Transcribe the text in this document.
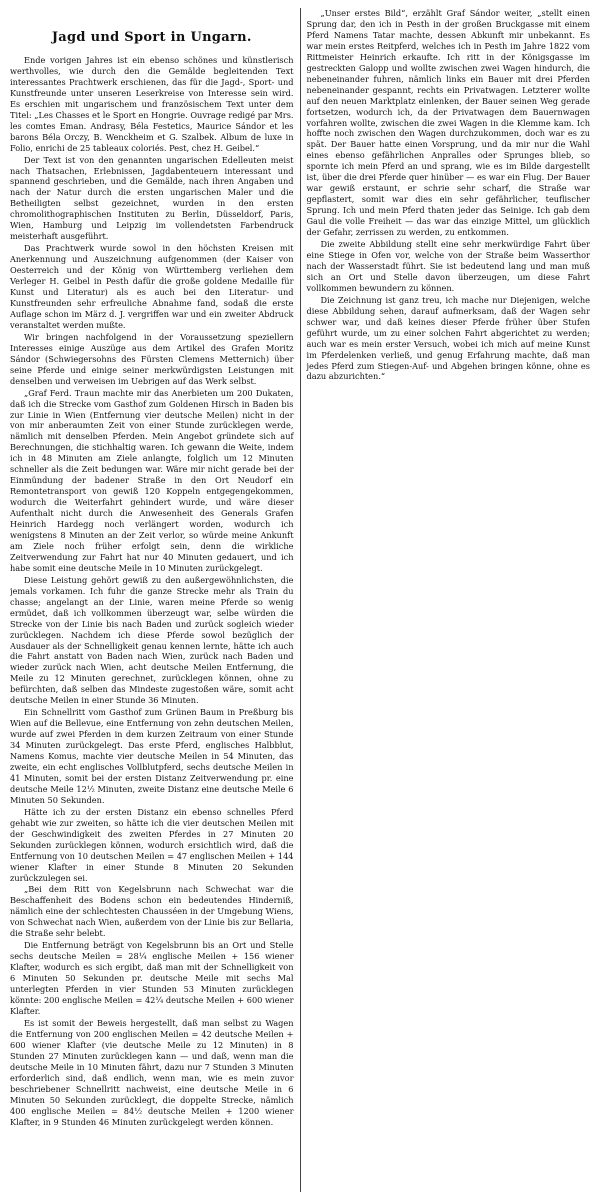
Jagd und Sport in Ungarn.

Ende vorigen Jahres ist ein ebenso schönes und künstlerisch werthvolles, wie durch den die Gemälde begleitenden Text interessantes Prachtwerk erschienen, das für die Jagd-, Sport- und Kunstfreunde unter unseren Leserkreise von Interesse sein wird. Es erschien mit ungarischem und französischem Text unter dem Titel: „Les Chasses et le Sport en Hongrie. Ouvrage redigé par Mrs. les comtes Eman. Andrasy, Béla Festetics, Maurice Sándor et les barons Béla Orczy, B. Wenckheim et G. Szalbek. Album de luxe in Folio, enrichi de 25 tableaux coloriés. Pest, chez H. Geibel.“

Der Text ist von den genannten ungarischen Edelleuten meist nach Thatsachen, Erlebnissen, Jagdabenteuern interessant und spannend geschrieben, und die Gemälde, nach ihren Angaben und nach der Natur durch die ersten ungarischen Maler und die Betheiligten selbst gezeichnet, wurden in den ersten chromolithographischen Instituten zu Berlin, Düsseldorf, Paris, Wien, Hamburg und Leipzig im vollendetsten Farbendruck meisterhaft ausgeführt.

Das Prachtwerk wurde sowol in den höchsten Kreisen mit Anerkennung und Auszeichnung aufgenommen (der Kaiser von Oesterreich und der König von Württemberg verliehen dem Verleger H. Geibel in Pesth dafür die große goldene Medaille für Kunst und Literatur) als es auch bei den Literatur- und Kunstfreunden sehr erfreuliche Abnahme fand, sodaß die erste Auflage schon im März d. J. vergriffen war und ein zweiter Abdruck veranstaltet werden mußte.

Wir bringen nachfolgend in der Voraussetzung speziellern Interesses einige Auszüge aus dem Artikel des Grafen Moritz Sándor (Schwiegersohns des Fürsten Clemens Metternich) über seine Pferde und einige seiner merkwürdigsten Leistungen mit denselben und verweisen im Uebrigen auf das Werk selbst.

„Graf Ferd. Traun machte mir das Anerbieten um 200 Dukaten, daß ich die Strecke vom Gasthof zum Goldenen Hirsch in Baden bis zur Linie in Wien (Entfernung vier deutsche Meilen) nicht in der von mir anberaumten Zeit von einer Stunde zurücklegen werde, nämlich mit denselben Pferden. Mein Angebot gründete sich auf Berechnungen, die stichhaltig waren. Ich gewann die Weite, indem ich in 48 Minuten am Ziele anlangte, folglich um 12 Minuten schneller als die Zeit bedungen war. Wäre mir nicht gerade bei der Einmündung der badener Straße in den Ort Neudorf ein Remontetransport von gewiß 120 Koppeln entgegengekommen, wodurch die Weiterfahrt gehindert wurde, und wäre dieser Aufenthalt nicht durch die Anwesenheit des Generals Grafen Heinrich Hardegg noch verlängert worden, wodurch ich wenigstens 8 Minuten an der Zeit verlor, so würde meine Ankunft am Ziele noch früher erfolgt sein, denn die wirkliche Zeitverwendung zur Fahrt hat nur 40 Minuten gedauert, und ich habe somit eine deutsche Meile in 10 Minuten zurückgelegt.

Diese Leistung gehört gewiß zu den außergewöhnlichsten, die jemals vorkamen. Ich fuhr die ganze Strecke mehr als Train du chasse; angelangt an der Linie, waren meine Pferde so wenig ermüdet, daß ich vollkommen überzeugt war, selbe würden die Strecke von der Linie bis nach Baden und zurück sogleich wieder zurücklegen. Nachdem ich diese Pferde sowol bezüglich der Ausdauer als der Schnelligkeit genau kennen lernte, hätte ich auch die Fahrt anstatt von Baden nach Wien, zurück nach Baden und wieder zurück nach Wien, acht deutsche Meilen Entfernung, die Meile zu 12 Minuten gerechnet, zurücklegen können, ohne zu befürchten, daß selben das Mindeste zugestoßen wäre, somit acht deutsche Meilen in einer Stunde 36 Minuten.

Ein Schnellritt vom Gasthof zum Grünen Baum in Preßburg bis Wien auf die Bellevue, eine Entfernung von zehn deutschen Meilen, wurde auf zwei Pferden in dem kurzen Zeitraum von einer Stunde 34 Minuten zurückgelegt. Das erste Pferd, englisches Halbblut, Namens Komus, machte vier deutsche Meilen in 54 Minuten, das zweite, ein echt englisches Vollblutpferd, sechs deutsche Meilen in 41 Minuten, somit bei der ersten Distanz Zeitverwendung pr. eine deutsche Meile 12½ Minuten, zweite Distanz eine deutsche Meile 6 Minuten 50 Sekunden.

Hätte ich zu der ersten Distanz ein ebenso schnelles Pferd gehabt wie zur zweiten, so hätte ich die vier deutschen Meilen mit der Geschwindigkeit des zweiten Pferdes in 27 Minuten 20 Sekunden zurücklegen können, wodurch ersichtlich wird, daß die Entfernung von 10 deutschen Meilen = 47 englischen Meilen + 144 wiener Klafter in einer Stunde 8 Minuten 20 Sekunden zurückzulegen sei.

„Bei dem Ritt von Kegelsbrunn nach Schwechat war die Beschaffenheit des Bodens schon ein bedeutendes Hinderniß, nämlich eine der schlechtesten Chausséen in der Umgebung Wiens, von Schwechat nach Wien, außerdem von der Linie bis zur Bellaria, die Straße sehr belebt.

Die Entfernung beträgt von Kegelsbrunn bis an Ort und Stelle sechs deutsche Meilen = 28¼ englische Meilen + 156 wiener Klafter, wodurch es sich ergibt, daß man mit der Schnelligkeit von 6 Minuten 50 Sekunden pr. deutsche Meile mit sechs Mal unterlegten Pferden in vier Stunden 53 Minuten zurücklegen könnte: 200 englische Meilen = 42¼ deutsche Meilen + 600 wiener Klafter.

Es ist somit der Beweis hergestellt, daß man selbst zu Wagen die Entfernung von 200 englischen Meilen = 42 deutsche Meilen + 600 wiener Klafter (vie deutsche Meile zu 12 Minuten) in 8 Stunden 27 Minuten zurücklegen kann — und daß, wenn man die deutsche Meile in 10 Minuten fährt, dazu nur 7 Stunden 3 Minuten erforderlich sind, daß endlich, wenn man, wie es mein zuvor beschriebener Schnellritt nachweist, eine deutsche Meile in 6 Minuten 50 Sekunden zurücklegt, die doppelte Strecke, nämlich 400 englische Meilen = 84½ deutsche Meilen + 1200 wiener Klafter, in 9 Stunden 46 Minuten zurückgelegt werden können.

„Unser erstes Bild“, erzählt Graf Sándor weiter, „stellt einen Sprung dar, den ich in Pesth in der großen Bruckgasse mit einem Pferd Namens Tatar machte, dessen Abkunft mir unbekannt. Es war mein erstes Reitpferd, welches ich in Pesth im Jahre 1822 vom Rittmeister Heinrich erkaufte. Ich ritt in der Königsgasse im gestreckten Galopp und wollte zwischen zwei Wagen hindurch, die nebeneinander fuhren, nämlich links ein Bauer mit drei Pferden nebeneinander gespannt, rechts ein Privatwagen. Letzterer wollte auf den neuen Marktplatz einlenken, der Bauer seinen Weg gerade fortsetzen, wodurch ich, da der Privatwagen dem Bauernwagen vorfahren wollte, zwischen die zwei Wagen in die Klemme kam. Ich hoffte noch zwischen den Wagen durchzukommen, doch war es zu spät. Der Bauer hatte einen Vorsprung, und da mir nur die Wahl eines ebenso gefährlichen Anpralles oder Sprunges blieb, so spornte ich mein Pferd an und sprang, wie es im Bilde dargestellt ist, über die drei Pferde quer hinüber — es war ein Flug. Der Bauer war gewiß erstaunt, er schrie sehr scharf, die Straße war gepflastert, somit war dies ein sehr gefährlicher, teuflischer Sprung. Ich und mein Pferd thaten jeder das Seinige. Ich gab dem Gaul die volle Freiheit — das war das einzige Mittel, um glücklich der Gefahr, zerrissen zu werden, zu entkommen.

Die zweite Abbildung stellt eine sehr merkwürdige Fahrt über eine Stiege in Ofen vor, welche von der Straße beim Wasserthor nach der Wasserstadt führt. Sie ist bedeutend lang und man muß sich an Ort und Stelle davon überzeugen, um diese Fahrt vollkommen bewundern zu können.

Die Zeichnung ist ganz treu, ich mache nur Diejenigen, welche diese Abbildung sehen, darauf aufmerksam, daß der Wagen sehr schwer war, und daß keines dieser Pferde früher über Stufen geführt wurde, um zu einer solchen Fahrt abgerichtet zu werden; auch war es mein erster Versuch, wobei ich mich auf meine Kunst im Pferdelenken verließ, und genug Erfahrung machte, daß man jedes Pferd zum Stiegen-Auf- und Abgehen bringen könne, ohne es dazu abzurichten.“
